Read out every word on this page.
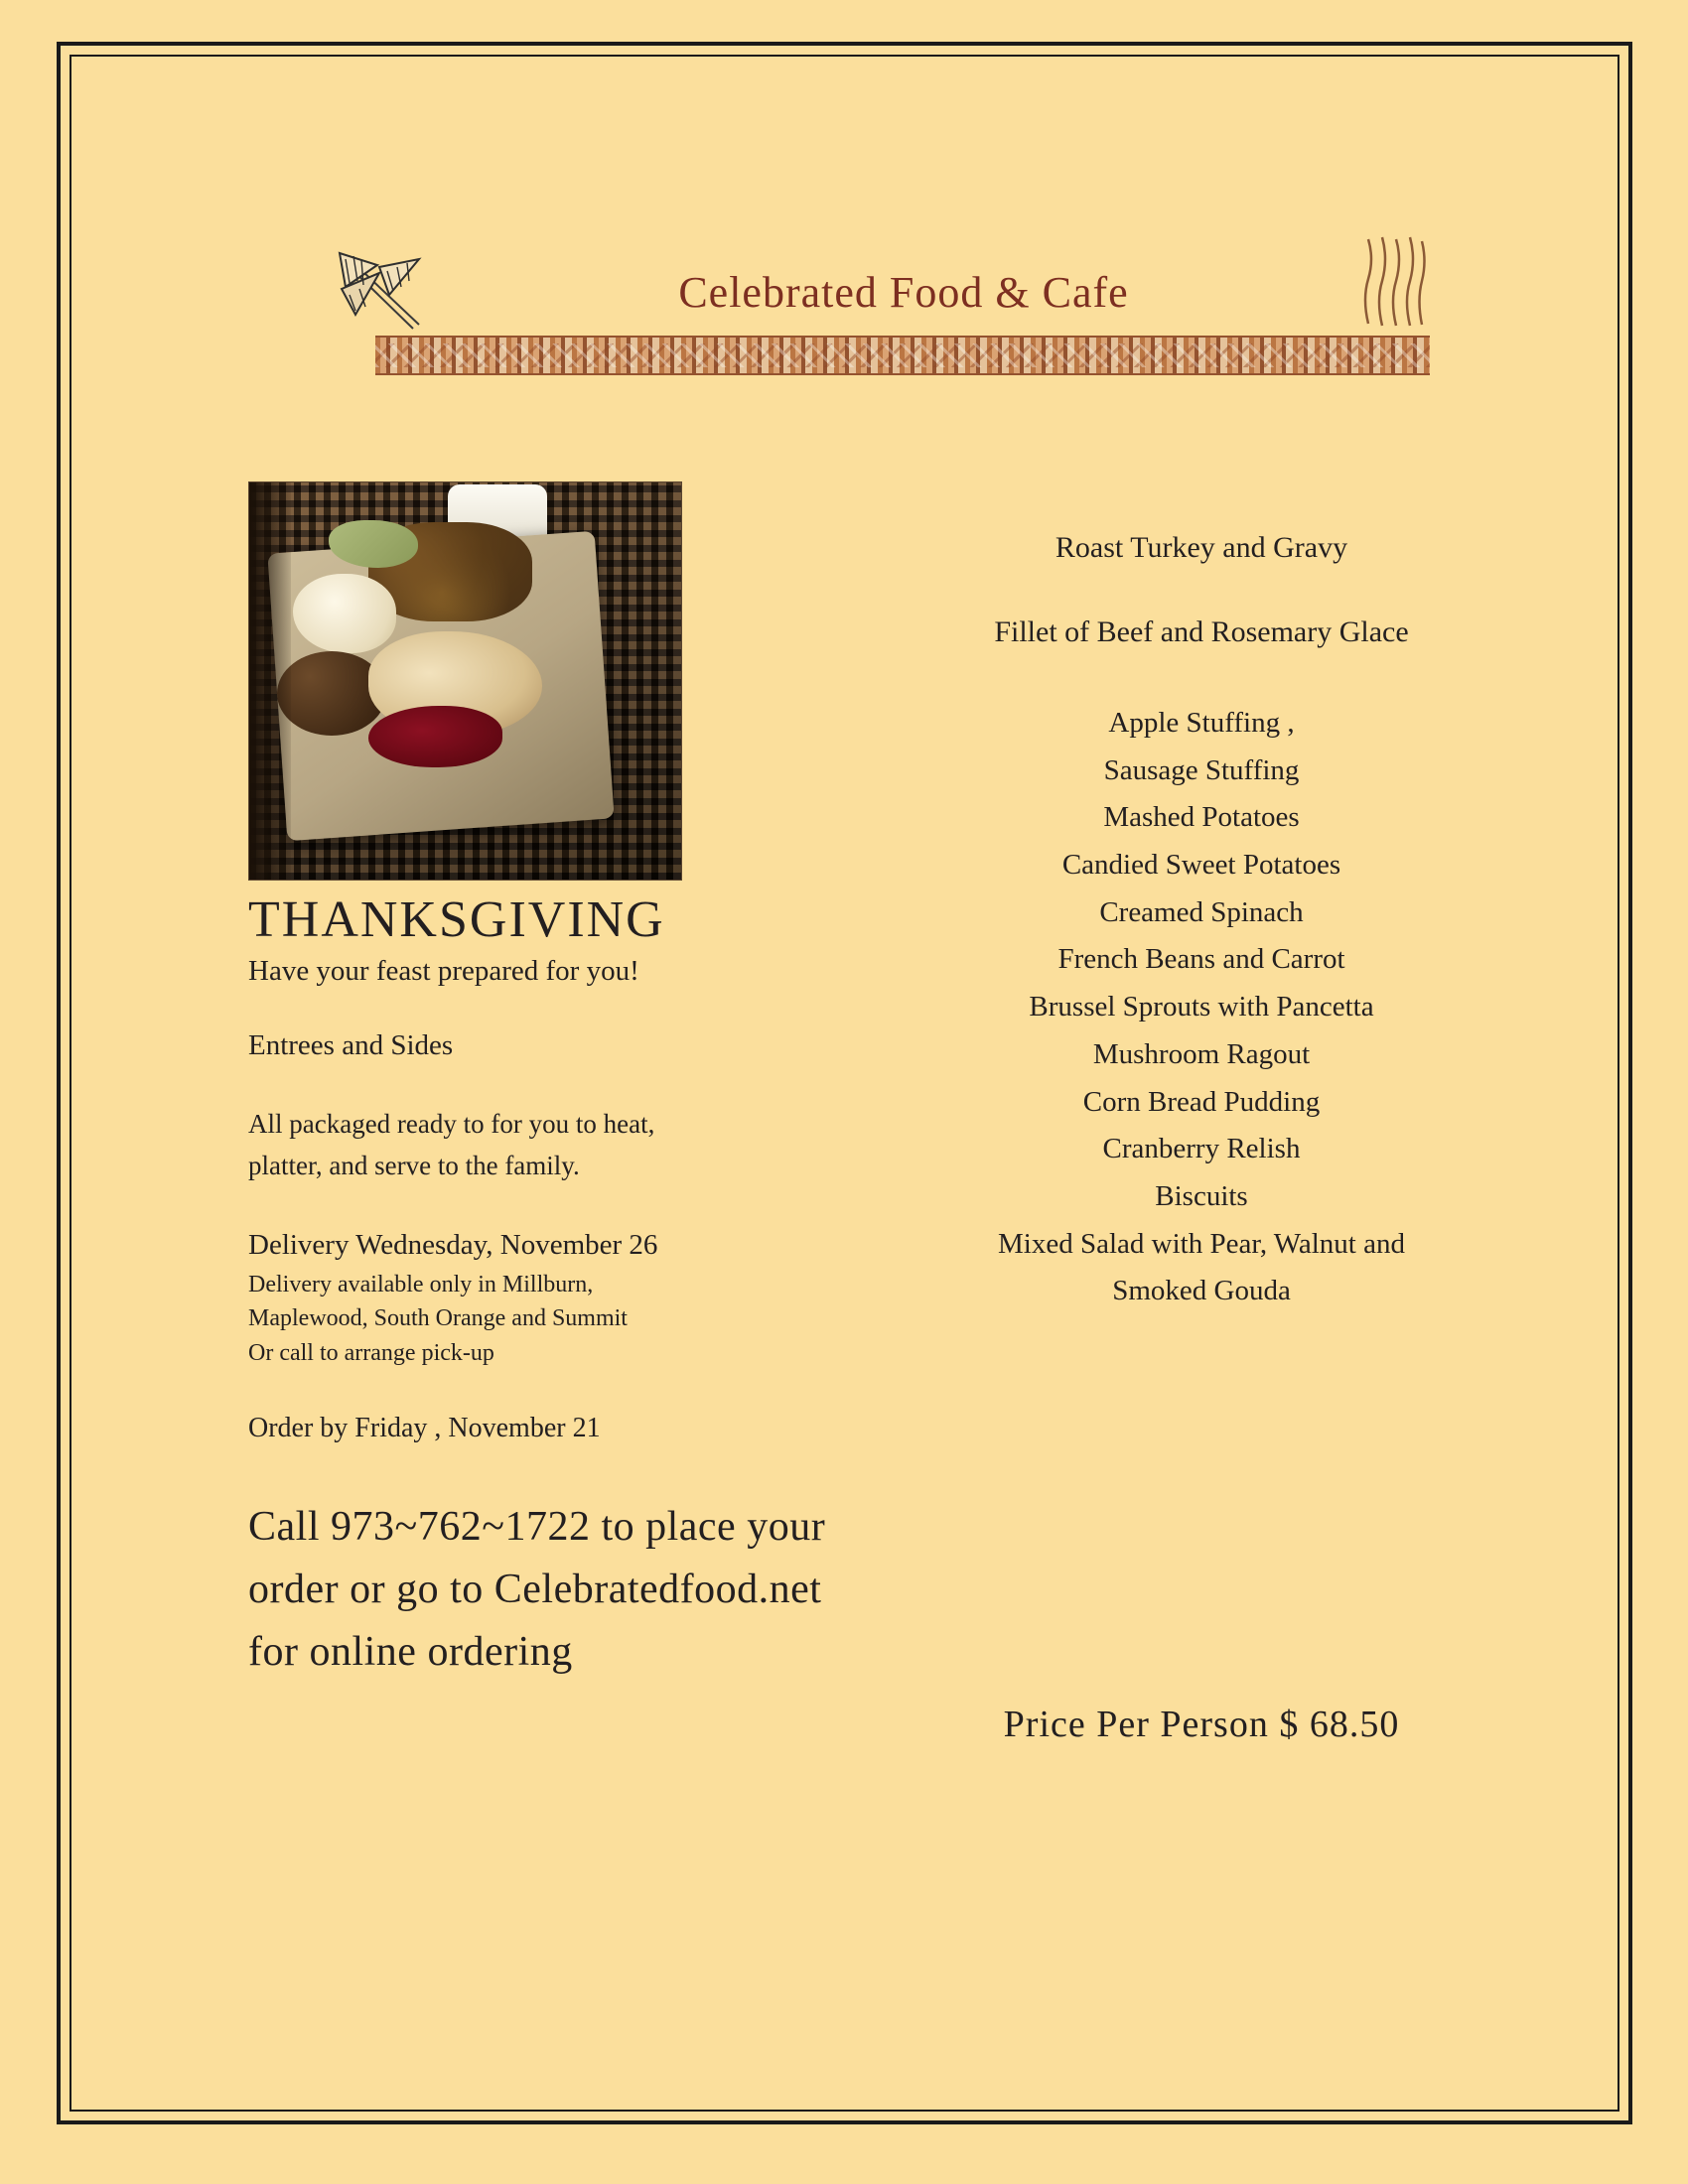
Celebrated Food & Cafe
THANKSGIVING
Have your feast prepared for you!
Entrees and Sides
All packaged ready to for you to heat,
platter, and serve to the family.
Delivery Wednesday, November 26
Delivery available only in Millburn,
Maplewood, South Orange and Summit
Or call to arrange pick-up
Order by Friday , November 21
Call 973~762~1722 to place your order or go to Celebratedfood.net for online ordering
Roast Turkey and Gravy
Fillet of Beef and Rosemary Glace
Apple Stuffing ,
Sausage Stuffing
Mashed Potatoes
Candied Sweet Potatoes
Creamed Spinach
French Beans and Carrot
Brussel Sprouts with Pancetta
Mushroom Ragout
Corn Bread Pudding
Cranberry Relish
Biscuits
Mixed Salad with Pear, Walnut and
Smoked Gouda
Price Per Person $ 68.50
